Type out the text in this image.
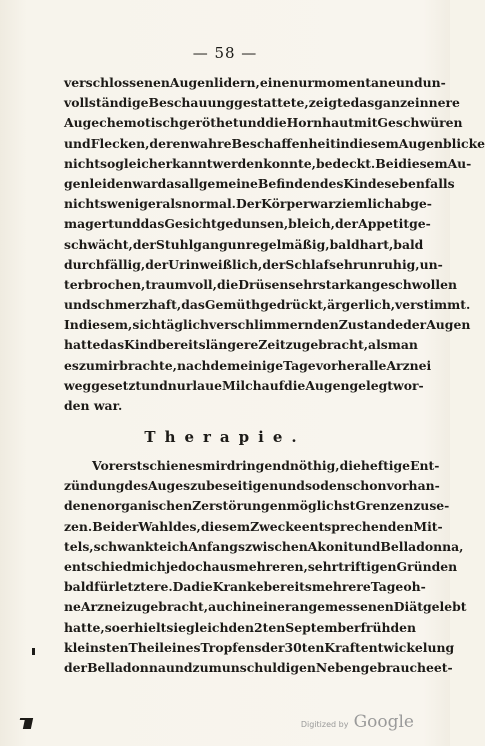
— 58 —
verschlossenen Augenlidern, eine nur momentane und un-
vollständige Beschauung gestattete, zeigte das ganze innere
Auge chemotisch geröthet und die Hornhaut mit Geschwüren
und Flecken, deren wahre Beschaffenheit in diesem Augenblicke
nicht sogleich erkannt werden konnte, bedeckt. Bei diesem Au-
genleiden war das allgemeine Befinden des Kindes ebenfalls
nichts weniger als normal. Der Körper war ziemlich abge-
magert und das Gesicht gedunsen, bleich, der Appetit ge-
schwächt, der Stuhlgang unregelmäßig, bald hart, bald
durchfällig, der Urin weißlich, der Schlaf sehr unruhig, un-
terbrochen, traumvoll, die Drüsen sehr stark angeschwollen
und schmerzhaft, das Gemüth gedrückt, ärgerlich, verstimmt.
In diesem, sich täglich verschlimmernden Zustande der Augen
hatte das Kind bereits längere Zeit zugebracht, als man
es zu mir brachte, nachdem einige Tage vorher alle Arznei
weggesetzt und nur laue Milch auf die Augen gelegt wor-
den war.
Therapie.
Vorerst schien es mir dringend nöthig, die heftige Ent-
zündung des Auges zu beseitigen und so den schon vorhan-
denen organischen Zerstörungen möglichst Grenzen zu se-
zen. Bei der Wahl des, diesem Zwecke entsprechenden Mit-
tels, schwankte ich Anfangs zwischen Akonit und Belladonna,
entschied mich jedoch aus mehreren, sehr triftigen Gründen
bald für letztere. Da die Kranke bereits mehrere Tage oh-
ne Arznei zugebracht, auch in einer angemessenen Diät gelebt
hatte, so erhielt sie gleich den 2ten September früh den
kleinsten Theil eines Tropfens der 30ten Kraftentwickelung
der Belladonna und zum unschuldigen Nebengebrauche et-
Digitized by Google
